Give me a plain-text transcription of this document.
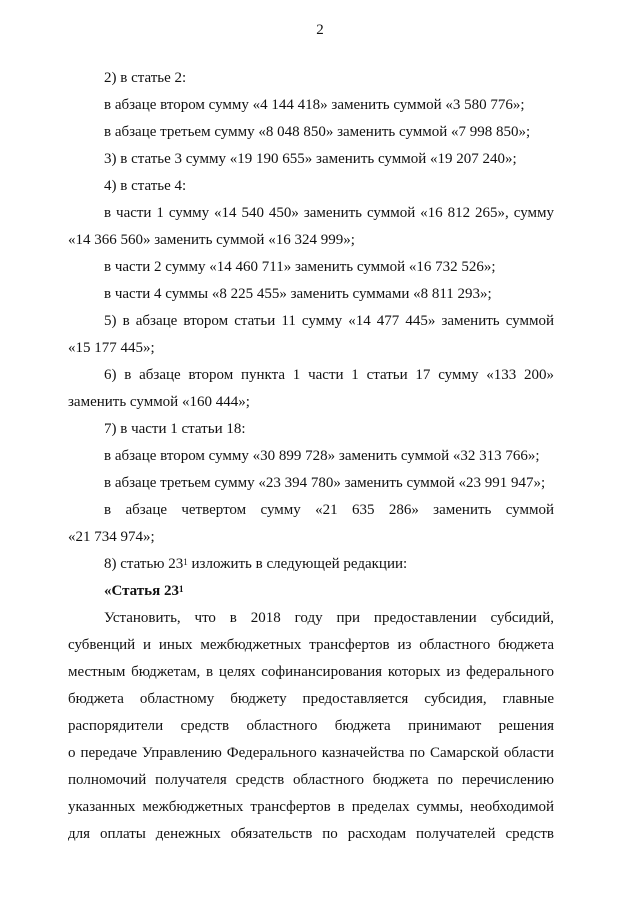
2
2) в статье 2:
в абзаце втором сумму «4 144 418» заменить суммой «3 580 776»;
в абзаце третьем сумму «8 048 850» заменить суммой «7 998 850»;
3) в статье 3 сумму «19 190 655» заменить суммой «19 207 240»;
4) в статье 4:
в части 1 сумму «14 540 450» заменить суммой «16 812 265», сумму
«14 366 560» заменить суммой «16 324 999»;
в части 2 сумму «14 460 711» заменить суммой «16 732 526»;
в части 4 суммы «8 225 455» заменить суммами «8 811 293»;
5) в абзаце втором статьи 11 сумму «14 477 445» заменить суммой
«15 177 445»;
6) в абзаце втором пункта 1 части 1 статьи 17 сумму «133 200»
заменить суммой «160 444»;
7) в части 1 статьи 18:
в абзаце втором сумму «30 899 728» заменить суммой «32 313 766»;
в абзаце третьем сумму «23 394 780» заменить суммой «23 991 947»;
в абзаце четвертом сумму «21 635 286» заменить суммой
«21 734 974»;
8) статью $23^1$ изложить в следующей редакции:
«Статья $23^1$
Установить, что в 2018 году при предоставлении субсидий,
субвенций и иных межбюджетных трансфертов из областного бюджета
местным бюджетам, в целях софинансирования которых из федерального
бюджета областному бюджету предоставляется субсидия, главные
распорядители средств областного бюджета принимают решения
о передаче Управлению Федерального казначейства по Самарской области
полномочий получателя средств областного бюджета по перечислению
указанных межбюджетных трансфертов в пределах суммы, необходимой
для оплаты денежных обязательств по расходам получателей средств
